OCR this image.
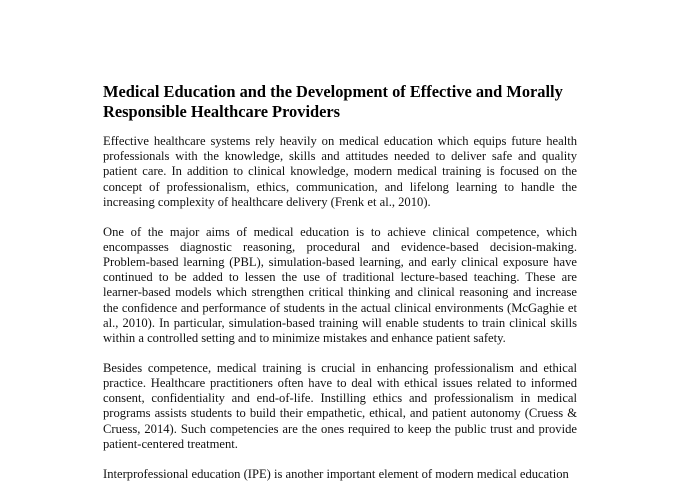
Medical Education and the Development of Effective and Morally Responsible Healthcare Providers

Effective healthcare systems rely heavily on medical education which equips future health professionals with the knowledge, skills and attitudes needed to deliver safe and quality patient care. In addition to clinical knowledge, modern medical training is focused on the concept of professionalism, ethics, communication, and lifelong learning to handle the increasing complexity of healthcare delivery (Frenk et al., 2010).

One of the major aims of medical education is to achieve clinical competence, which encompasses diagnostic reasoning, procedural and evidence-based decision-making. Problem-based learning (PBL), simulation-based learning, and early clinical exposure have continued to be added to lessen the use of traditional lecture-based teaching. These are learner-based models which strengthen critical thinking and clinical reasoning and increase the confidence and performance of students in the actual clinical environments (McGaghie et al., 2010). In particular, simulation-based training will enable students to train clinical skills within a controlled setting and to minimize mistakes and enhance patient safety.

Besides competence, medical training is crucial in enhancing professionalism and ethical practice. Healthcare practitioners often have to deal with ethical issues related to informed consent, confidentiality and end-of-life. Instilling ethics and professionalism in medical programs assists students to build their empathetic, ethical, and patient autonomy (Cruess & Cruess, 2014). Such competencies are the ones required to keep the public trust and provide patient-centered treatment.

Interprofessional education (IPE) is another important element of modern medical education
